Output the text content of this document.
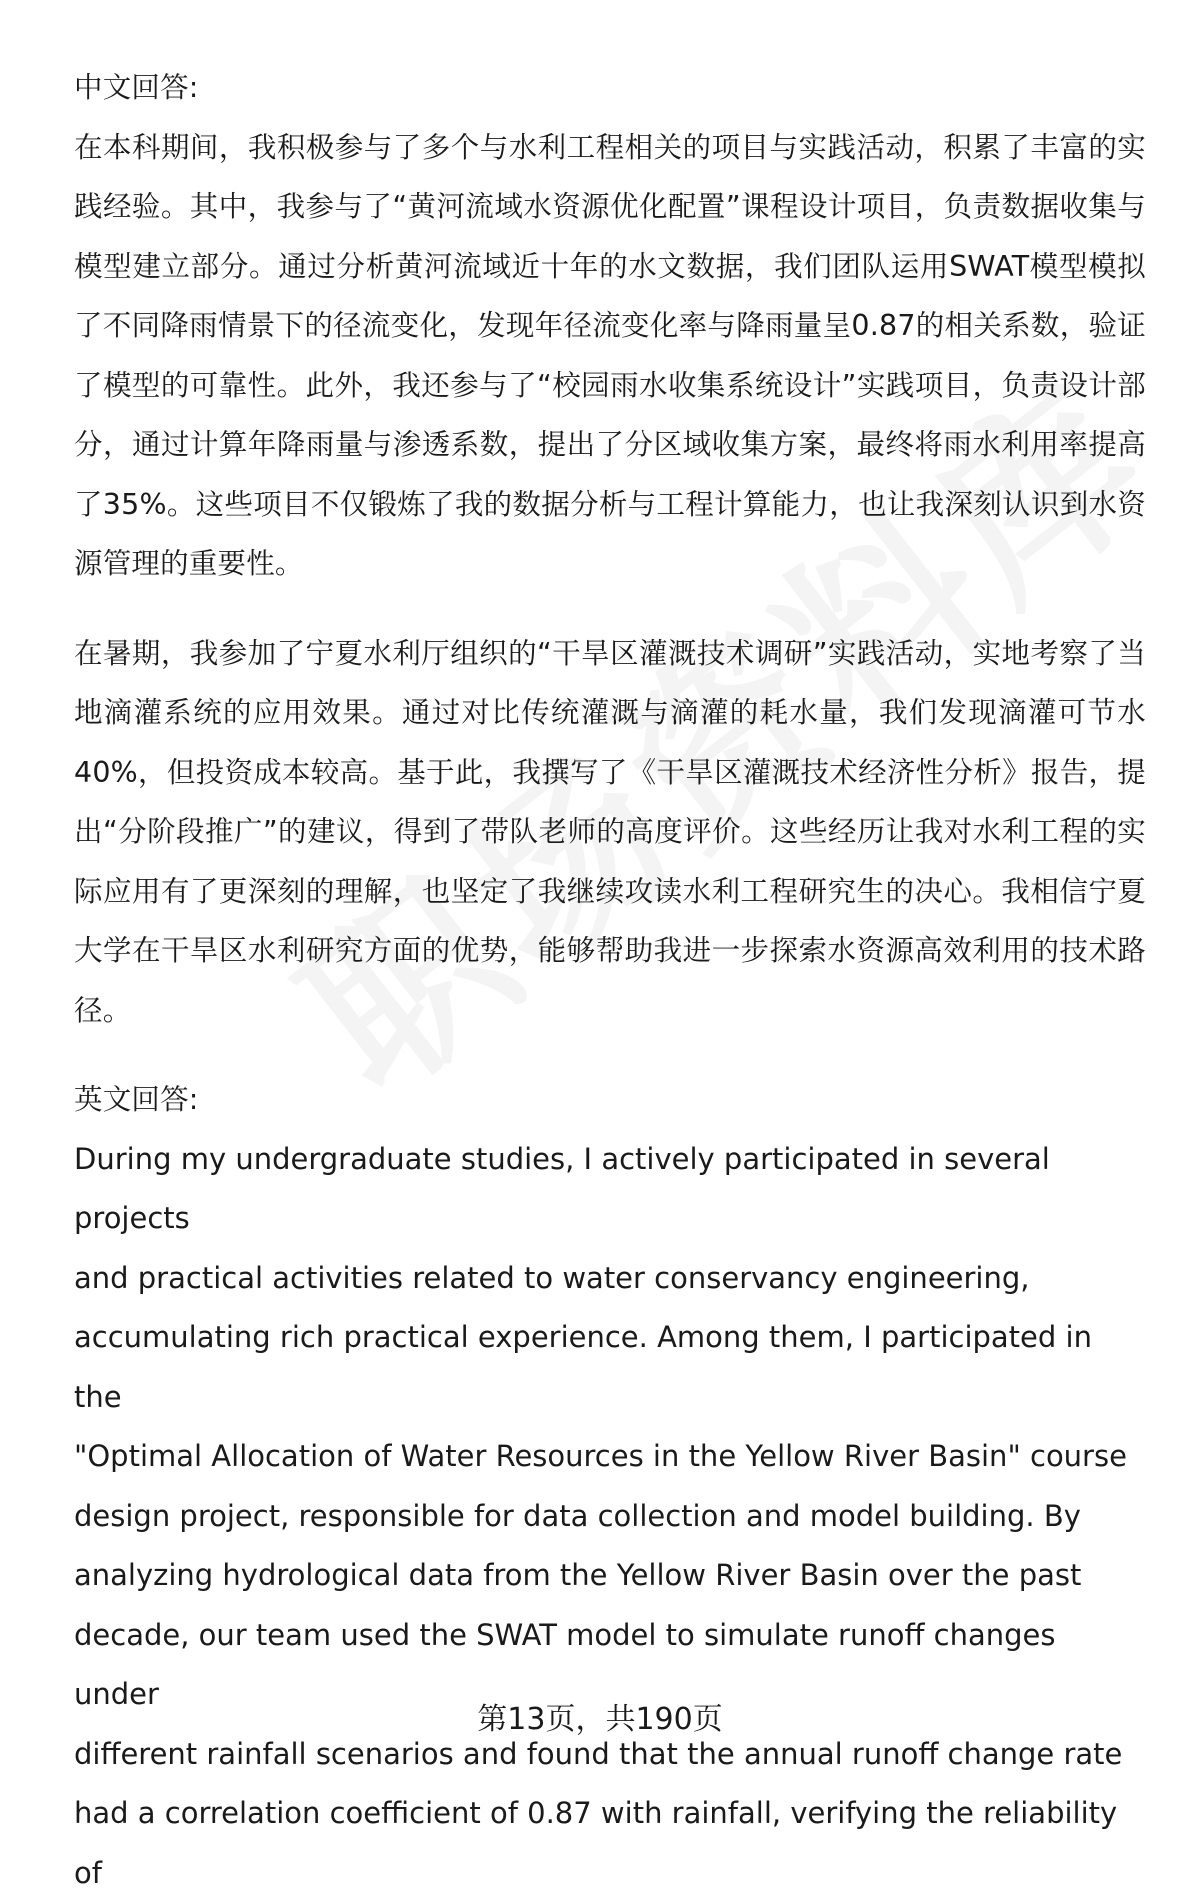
中文回答:

在本科期间，我积极参与了多个与水利工程相关的项目与实践活动，积累了丰富的实践经验。其中，我参与了“黄河流域水资源优化配置”课程设计项目，负责数据收集与模型建立部分。通过分析黄河流域近十年的水文数据，我们团队运用SWAT模型模拟了不同降雨情景下的径流变化，发现年径流变化率与降雨量呈0.87的相关系数，验证了模型的可靠性。此外，我还参与了“校园雨水收集系统设计”实践项目，负责设计部分，通过计算年降雨量与渗透系数，提出了分区域收集方案，最终将雨水利用率提高了35%。这些项目不仅锻炼了我的数据分析与工程计算能力，也让我深刻认识到水资源管理的重要性。

在暑期，我参加了宁夏水利厅组织的“干旱区灌溉技术调研”实践活动，实地考察了当地滴灌系统的应用效果。通过对比传统灌溉与滴灌的耗水量，我们发现滴灌可节水40%，但投资成本较高。基于此，我撰写了《干旱区灌溉技术经济性分析》报告，提出“分阶段推广”的建议，得到了带队老师的高度评价。这些经历让我对水利工程的实际应用有了更深刻的理解，也坚定了我继续攻读水利工程研究生的决心。我相信宁夏大学在干旱区水利研究方面的优势，能够帮助我进一步探索水资源高效利用的技术路径。

英文回答:

During my undergraduate studies, I actively participated in several projects

and practical activities related to water conservancy engineering,

accumulating rich practical experience. Among them, I participated in the

"Optimal Allocation of Water Resources in the Yellow River Basin" course

design project, responsible for data collection and model building. By

analyzing hydrological data from the Yellow River Basin over the past

decade, our team used the SWAT model to simulate runoff changes under

different rainfall scenarios and found that the annual runoff change rate

had a correlation coefficient of 0.87 with rainfall, verifying the reliability of

第13页，共190页
